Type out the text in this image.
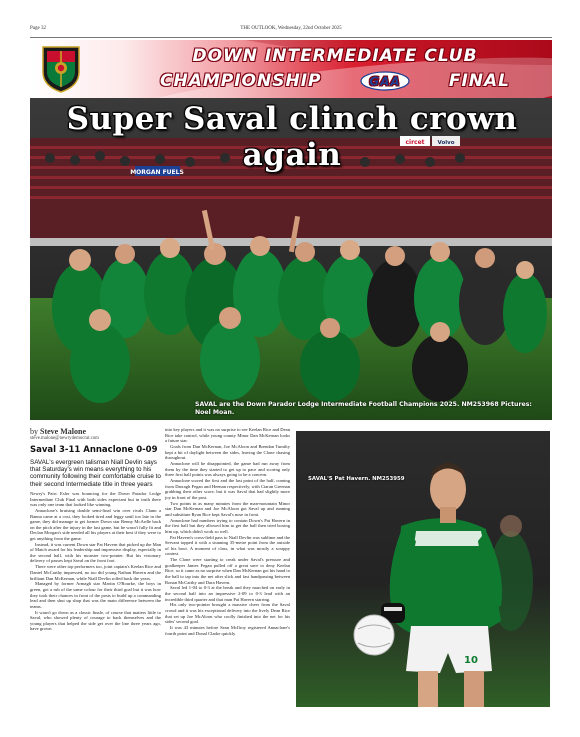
Page 32	THE OUTLOOK, Wednesday, 22nd October 2025
DOWN INTERMEDIATE CLUB
CHAMPIONSHIP	GAA	FINAL
MORGAN FUELS
circet Volvo
Super Saval clinch crown again
SAVAL are the Down Parador Lodge Intermediate Football Champions 2025. NM253968 Pictures: Noel Moan.
by Steve Malone
steve.malone@newrydemocrat.com
Saval 3-11 Annaclone 0-09
SAVAL's evergreen talisman Niall Devlin says that Saturday's win means everything to his community following their comfortable cruise to their second Intermediate title in three years

Newry's Pairc Esler was bouncing for the Down Parador Lodge Intermediate Club Final with both sides expectant but in truth there was only one team that looked like winning.

Annaclone's bruising double semi-final win over rivals Clann a Banna came at a cost, they looked tired and leggy until too late in the game, they did manage to get former Down star Benny McArdle back on the pitch after the injury in the last game, but he wasn't fully fit and Declan Morgan's side needed all his players at their best if they were to get anything from the game.

Instead, it was current Down star Pat Havern that picked up the Man of Match award for his leadership and impressive display, especially in the second half, with his monster two-pointer. But his visionary delivery of passes kept Saval on the front foot.

There were other top performers too, joint captain's Keelan Rice and Daniel McCarthy impressed, no too did young Nathan Havern and the brilliant Dan McKernan, while Niall Devlin rolled back the years.

Managed by former Armagh star Martin O'Rourke, the boys in green, got a rub of the same colour for their third goal but it was how they took their chances in front of the posts to build up a commanding lead and then shut up shop that was the main difference between the teams.

It wasn't go down as a classic finale, of course that matters little to Saval, who showed plenty of courage to back themselves and the young players that helped the side get over the line three years ago, have grown

into key players and it was no surprise to see Keelan Rice and Dean Rice take control, while young county Minor Dan McKernan looks a future star.

Goals from Dan McKernan, Joe McAloon and Brendan Tumilty kept a bit of daylight between the sides, leaving the Clone chasing throughout.

Annaclone will be disappointed, the game had run away from them by the time they started to get up to pace and scoring only three first half points was always going to be a concern.

Annaclone scored the first and the last point of the half, coming from Darragh Fegan and Heenan respectively, with Ciaran Greenan grabbing their other score, but it was Saval that had slightly more joy in front of the post.

Two points in as many minutes from the man-mountain Minor star Dan McKernan and Joe McAloon got Saval up and running and substitute Ryan Rice kept Saval's nose in front.

Annaclone had numbers trying to contain Down's Pat Havern in the first half but they allowed him to get the ball then tried boxing him up, which didn't work so well.

Pat Havern's cross-field pass to Niall Devlin was sublime and the Servant topped it with a stunning 35-metre point from the outside of his boot. A moment of class, in what was mostly a scrappy contest.

The Clone were starting to creak under Saval's pressure and goalkeeper James Fegan pulled off a great save to deny Keelan Rice, so it came as no surprise when Dan McKernan got his hand to the ball to tap into the net after slick and fast handpassing between Ronan McCarthy and Dara Havern.

Saval led 1-04 to 0-3 at the break and they marched on early in the second half into an impressive 2-09 to 0-3 lead with an incredible third quarter and that man Pat Havern starring.

His only two-pointer brought a massive cheer from the Saval crowd and it was his exceptional delivery into the lively Dean Rice that set up Joe McAloon who coolly finished into the net for his sides' second goal.

It was 43 minutes before Sean McIlroy registered Annaclone's fourth point and Donal Clarke quickly

10
SAVAL'S Pat Havern. NM253959
